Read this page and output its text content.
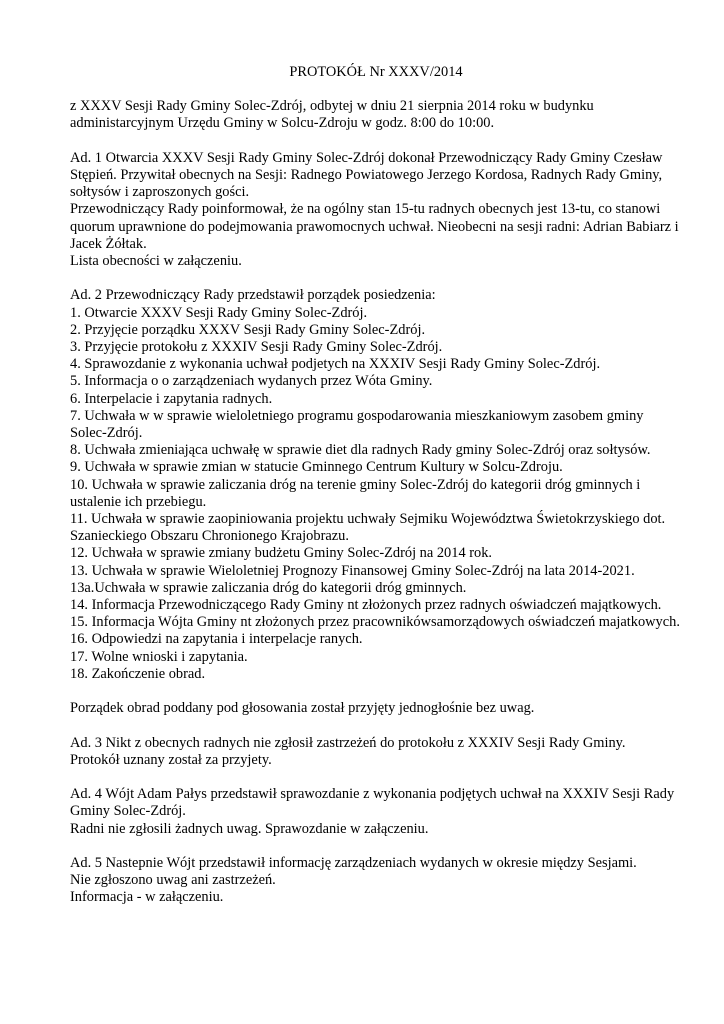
PROTOKÓŁ Nr XXXV/2014
z XXXV Sesji Rady Gminy Solec-Zdrój, odbytej w dniu 21 sierpnia 2014 roku w budynku administarcyjnym Urzędu Gminy w Solcu-Zdroju w godz. 8:00 do 10:00.
Ad. 1 Otwarcia XXXV Sesji Rady Gminy Solec-Zdrój dokonał Przewodniczący Rady Gminy Czesław Stępień. Przywitał obecnych na Sesji: Radnego Powiatowego Jerzego Kordosa, Radnych Rady Gminy, sołtysów i zaproszonych gości.
Przewodniczący Rady poinformował, że na ogólny stan 15-tu radnych obecnych jest 13-tu, co stanowi quorum uprawnione do podejmowania prawomocnych uchwał. Nieobecni na sesji radni: Adrian Babiarz i Jacek Żółtak.
Lista obecności w załączeniu.
Ad. 2 Przewodniczący Rady przedstawił porządek posiedzenia:
1. Otwarcie XXXV Sesji Rady Gminy Solec-Zdrój.
2. Przyjęcie porządku XXXV Sesji Rady Gminy Solec-Zdrój.
3. Przyjęcie protokołu z XXXIV Sesji Rady Gminy Solec-Zdrój.
4. Sprawozdanie z wykonania uchwał podjetych na XXXIV Sesji Rady Gminy Solec-Zdrój.
5. Informacja o o zarządzeniach wydanych przez Wóta Gminy.
6. Interpelacie i zapytania radnych.
7. Uchwała w w sprawie wieloletniego programu gospodarowania mieszkaniowym zasobem gminy Solec-Zdrój.
8. Uchwała zmieniająca uchwałę w sprawie diet dla radnych Rady gminy Solec-Zdrój oraz sołtysów.
9. Uchwała w sprawie zmian w statucie Gminnego Centrum Kultury w Solcu-Zdroju.
10. Uchwała w sprawie zaliczania dróg na terenie gminy Solec-Zdrój do kategorii dróg gminnych i ustalenie ich przebiegu.
11. Uchwała w sprawie zaopiniowania projektu uchwały Sejmiku Województwa Świetokrzyskiego dot. Szanieckiego Obszaru Chronionego Krajobrazu.
12. Uchwała w sprawie zmiany budżetu Gminy Solec-Zdrój na 2014 rok.
13. Uchwała w sprawie Wieloletniej Prognozy Finansowej Gminy Solec-Zdrój na lata 2014-2021.
13a.Uchwała w sprawie zaliczania dróg do kategorii dróg gminnych.
14. Informacja Przewodniczącego Rady Gminy nt złożonych przez radnych oświadczeń majątkowych.
15. Informacja Wójta Gminy nt złożonych przez pracownikówsamorządowych oświadczeń majatkowych.
16. Odpowiedzi na zapytania i interpelacje ranych.
17. Wolne wnioski i zapytania.
18. Zakończenie obrad.
Porządek obrad poddany pod głosowania został przyjęty jednogłośnie bez uwag.
Ad. 3 Nikt z obecnych radnych nie zgłosił zastrzeżeń do protokołu z XXXIV Sesji Rady Gminy.
Protokół uznany został za przyjety.
Ad. 4 Wójt Adam Pałys przedstawił sprawozdanie z wykonania podjętych uchwał na XXXIV Sesji Rady Gminy Solec-Zdrój.
Radni nie zgłosili żadnych uwag. Sprawozdanie w załączeniu.
Ad. 5 Nastepnie Wójt przedstawił informację zarządzeniach wydanych w okresie między Sesjami.
Nie zgłoszono uwag ani zastrzeżeń.
Informacja - w załączeniu.
